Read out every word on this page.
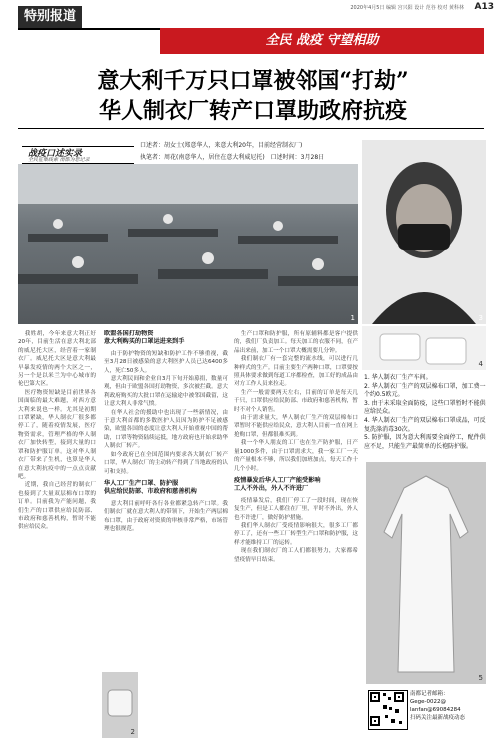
特别报道
2020年4月5日 编辑 宫兴阳 设计 范谷 校对 黄科林 A13
全民 战疫 守望相助
意大利千万只口罩被邻国“打劫”
华人制衣厂转产口罩助政府抗疫
战疫口述实录
全民征集线索 南都为您记录
口述者：胡女士(郑意华人，来意大利20年，目前经营制衣厂)
执笔者：周花(南意华人，居住在意大利威尼托)　口述时间：3月28日
1	3
4
5
2

我姓胡，今年来意大利正好20年，目前生活在意大利北部的威尼托大区，经营着一家制衣厂。威尼托大区是意大利最早暴发疫情的两个大区之一，另一个是以米兰为中心城市的伦巴第大区。

医疗物资短缺是目前世界各国面临的最大难题，对西方意大利来说也一样。尤其是初期口罩紧缺，华人制衣厂很多都停工了，随着疫情发展，医疗物资需求，管理严格的华人制衣厂加快转型，接到大量的口罩和防护服订单。这对华人制衣厂带来了生机，也算是华人在意大利抗疫中的一点点贡献吧。

近期，我自己经营的制衣厂也接到了大量双层棉布口罩的订单。目前我为产能问题，我们生产的口罩供应给民防部、市政府和慈善机构，暂时不能供应给民众。

欧盟各国打劫物资
意大利购买的口罩运进来到手

由于防护物资的短缺和防护工作不够重视，截至3月28日被感染的意大利医护人员已达6400多人，死亡50多人。

意大利民间和企业自3月下旬开始募捐，数量可观，但由于欧盟各国打劫物资，多次被拦截。意大利政府购买的大批口罩在运输途中被邻国截留，这让意大利人非常气愤。

在华人社会的援助中也出现了一些新情况，由于意大利首都的多数医护人员因为防护不足被感染，欧盟各国的态度让意大利人开始重视中国的帮助，口罩等物资陆续运抵，地方政府也开始求助华人制衣厂转产。

如今政府已在全国范围内要求各大制衣厂转产口罩，华人制衣厂的主动转产得到了当地政府的认可和支持。

华人工厂生产口罩、防护服
供应给民防部、市政府和慈善机构

意大利目前呼吁各行各业都紧急转产口罩。我们制衣厂就在意大利人的带领下，开始生产两层棉布口罩，由于政府对资质的审核非常严格，市场管理也很规范。

生产口罩和防护服，所有原辅料都是客户提供的，我们厂负责加工。每天加工的衣服不同，在产品出来前，加工一个口罩大概需要几分钟。

我们制衣厂有一套完整的流水线，可以进行几种样式的生产。目前主要生产两种口罩，口罩要按照具体要求做到每道工序都检查，加工好的成品由对方工作人员来拉走。

生产一般需要两天左右，目前的订单是每天几千只，口罩供应给民防部、市政府和慈善机构，暂时不对个人销售。

由于需求量大，华人制衣厂生产的双层棉布口罩暂时不能供应给民众，意大利人目前一直在网上抢购口罩，但都很难买到。

我一个华人朋友的工厂也在生产防护服，日产量1000多件，由于口罩需求大，我一家工厂一天的产量根本不够，所以我们加班加点，每天工作十几个小时。

疫情暴发后华人工厂产能受影响
工人不外出，外人不许进厂

疫情暴发后，我们厂停工了一段时间，现在恢复生产，但是工人都住在厂里，平时不外出，外人也不许进厂，做好防护措施。

我们华人制衣厂受疫情影响很大，很多工厂都停工了，还有一些工厂转型生产口罩和防护服，这样才能维持工厂的运转。

现在我们制衣厂的工人们都很努力，大家都希望疫情早日结束。

1. 华人制衣厂生产车间。

2. 华人制衣厂生产的双层棉布口罩，加工费一个约0.5欧元。

3. 由于未采取全面防疫，这些口罩暂时不能供应给民众。

4. 华人制衣厂生产的双层棉布口罩成品，可反复洗涤消毒30次。

5. 防护服，因为意大利需要全面停工，配件供应不足，只能生产最简单的长袍防护服。

南都记者邮箱：
Gege-0022@
lanfan@69084284
扫码关注最新战疫动态
